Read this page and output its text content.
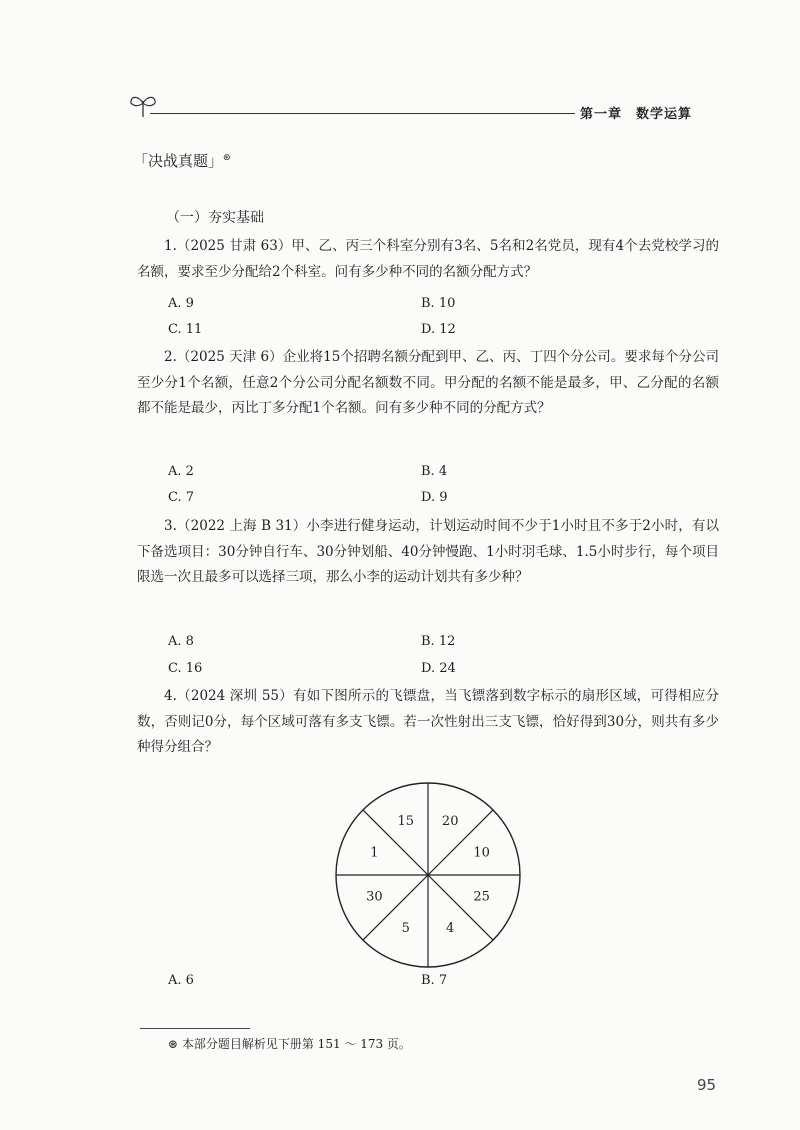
第一章 数学运算
「决战真题」⊛
（一）夯实基础

1.（2025 甘肃 63）甲、乙、丙三个科室分别有3名、5名和2名党员，现有4个去党校学习的名额，要求至少分配给2个科室。问有多少种不同的名额分配方式？

A. 9	B. 10
C. 11	D. 12

2.（2025 天津 6）企业将15个招聘名额分配到甲、乙、丙、丁四个分公司。要求每个分公司至少分1个名额，任意2个分公司分配名额数不同。甲分配的名额不能是最多，甲、乙分配的名额都不能是最少，丙比丁多分配1个名额。问有多少种不同的分配方式？

A. 2	B. 4
C. 7	D. 9

3.（2022 上海 B 31）小李进行健身运动，计划运动时间不少于1小时且不多于2小时，有以下备选项目：30分钟自行车、30分钟划船、40分钟慢跑、1小时羽毛球、1.5小时步行，每个项目限选一次且最多可以选择三项，那么小李的运动计划共有多少种？

A. 8	B. 12
C. 16	D. 24

4.（2024 深圳 55）有如下图所示的飞镖盘，当飞镖落到数字标示的扇形区域，可得相应分数，否则记0分，每个区域可落有多支飞镖。若一次性射出三支飞镖，恰好得到30分，则共有多少种得分组合？

15 20
10
25
4
5
30
1
A. 6	B. 7
⊛ 本部分题目解析见下册第 151 ～ 173 页。
95
